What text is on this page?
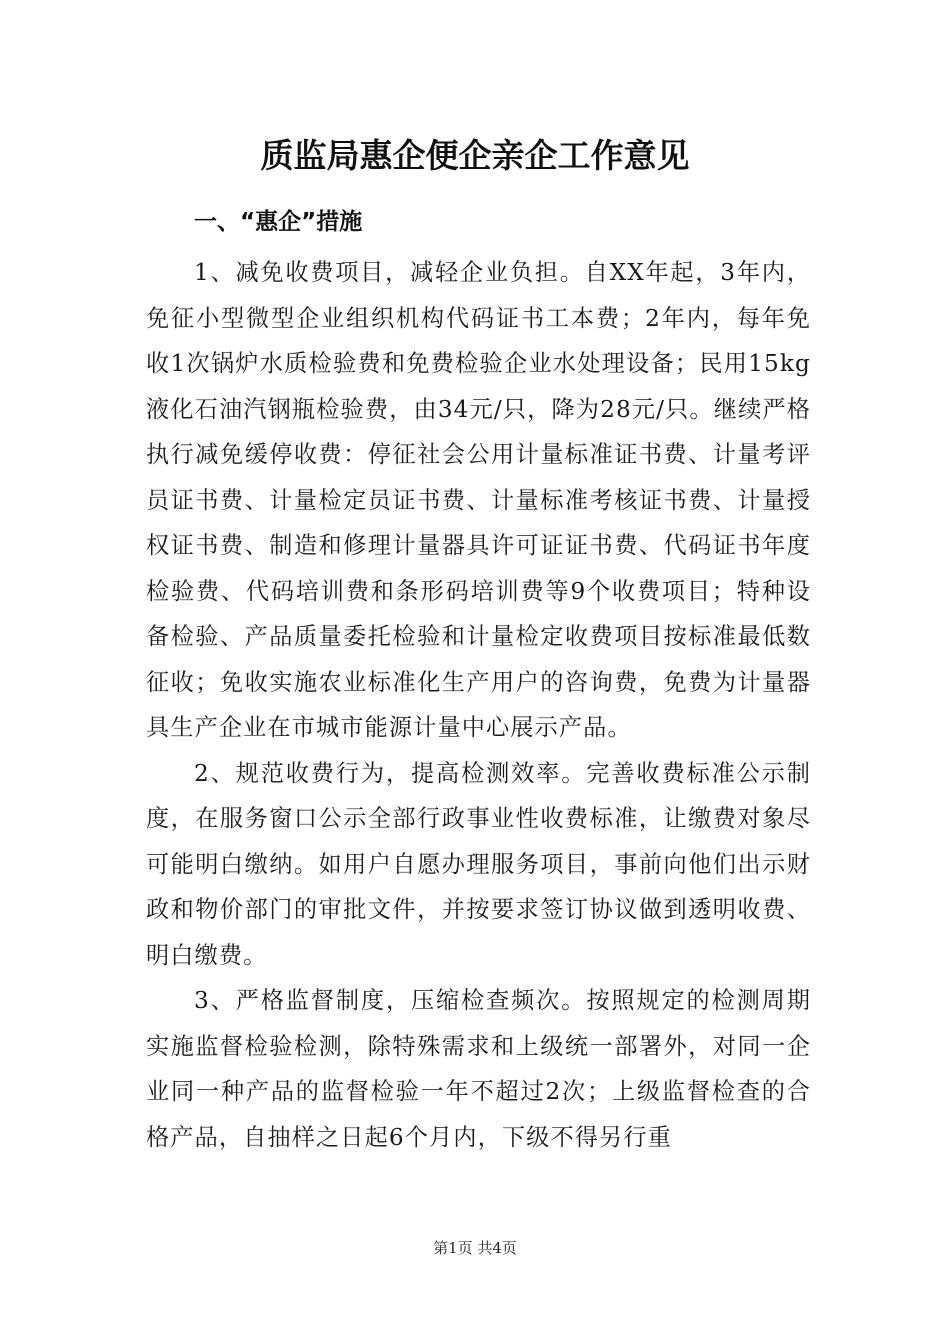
质监局惠企便企亲企工作意见
一、“惠企”措施

1、减免收费项目，减轻企业负担。自XX年起，3年内，免征小型微型企业组织机构代码证书工本费；2年内，每年免收1次锅炉水质检验费和免费检验企业水处理设备；民用15kg液化石油汽钢瓶检验费，由34元/只，降为28元/只。继续严格执行减免缓停收费：停征社会公用计量标准证书费、计量考评员证书费、计量检定员证书费、计量标准考核证书费、计量授权证书费、制造和修理计量器具许可证证书费、代码证书年度检验费、代码培训费和条形码培训费等9个收费项目；特种设备检验、产品质量委托检验和计量检定收费项目按标准最低数征收；免收实施农业标准化生产用户的咨询费，免费为计量器具生产企业在市城市能源计量中心展示产品。

2、规范收费行为，提高检测效率。完善收费标准公示制度，在服务窗口公示全部行政事业性收费标准，让缴费对象尽可能明白缴纳。如用户自愿办理服务项目，事前向他们出示财政和物价部门的审批文件，并按要求签订协议做到透明收费、明白缴费。

3、严格监督制度，压缩检查频次。按照规定的检测周期实施监督检验检测，除特殊需求和上级统一部署外，对同一企业同一种产品的监督检验一年不超过2次；上级监督检查的合格产品，自抽样之日起6个月内，下级不得另行重

第1页 共4页
